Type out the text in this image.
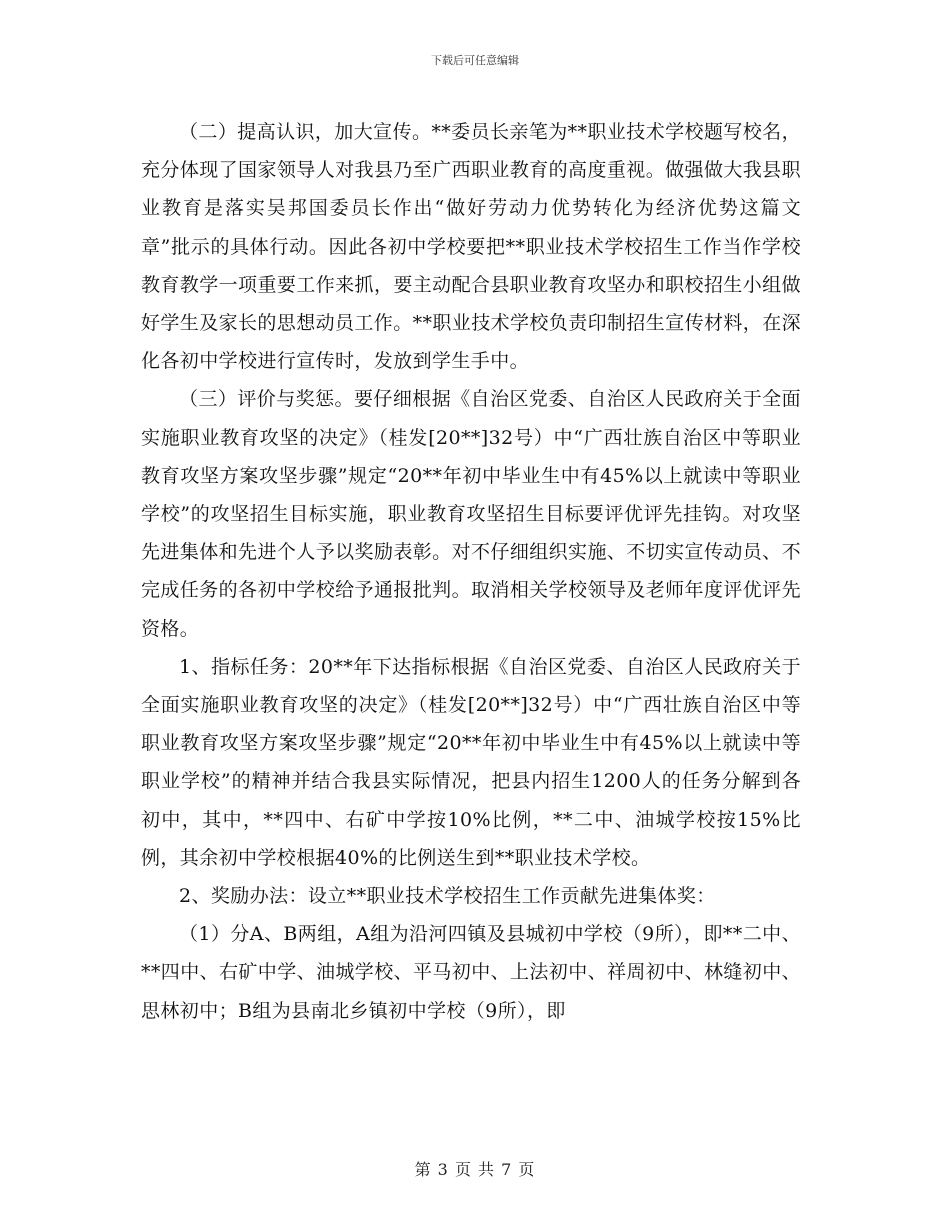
下载后可任意编辑

（二）提高认识，加大宣传。**委员长亲笔为**职业技术学校题写校名，充分体现了国家领导人对我县乃至广西职业教育的高度重视。做强做大我县职业教育是落实吴邦国委员长作出“做好劳动力优势转化为经济优势这篇文章”批示的具体行动。因此各初中学校要把**职业技术学校招生工作当作学校教育教学一项重要工作来抓，要主动配合县职业教育攻坚办和职校招生小组做好学生及家长的思想动员工作。**职业技术学校负责印制招生宣传材料，在深化各初中学校进行宣传时，发放到学生手中。

（三）评价与奖惩。要仔细根据《自治区党委、自治区人民政府关于全面实施职业教育攻坚的决定》（桂发[20**]32号）中“广西壮族自治区中等职业教育攻坚方案攻坚步骤”规定“20**年初中毕业生中有45%以上就读中等职业学校”的攻坚招生目标实施，职业教育攻坚招生目标要评优评先挂钩。对攻坚先进集体和先进个人予以奖励表彰。对不仔细组织实施、不切实宣传动员、不完成任务的各初中学校给予通报批判。取消相关学校领导及老师年度评优评先资格。

1、指标任务：20**年下达指标根据《自治区党委、自治区人民政府关于全面实施职业教育攻坚的决定》（桂发[20**]32号）中“广西壮族自治区中等职业教育攻坚方案攻坚步骤”规定“20**年初中毕业生中有45%以上就读中等职业学校”的精神并结合我县实际情况，把县内招生1200人的任务分解到各初中，其中，**四中、右矿中学按10%比例，**二中、油城学校按15%比例，其余初中学校根据40%的比例送生到**职业技术学校。

2、奖励办法：设立**职业技术学校招生工作贡献先进集体奖：

（1）分A、B两组，A组为沿河四镇及县城初中学校（9所），即**二中、**四中、右矿中学、油城学校、平马初中、上法初中、祥周初中、林缝初中、思林初中；B组为县南北乡镇初中学校（9所），即

第 3 页 共 7 页
